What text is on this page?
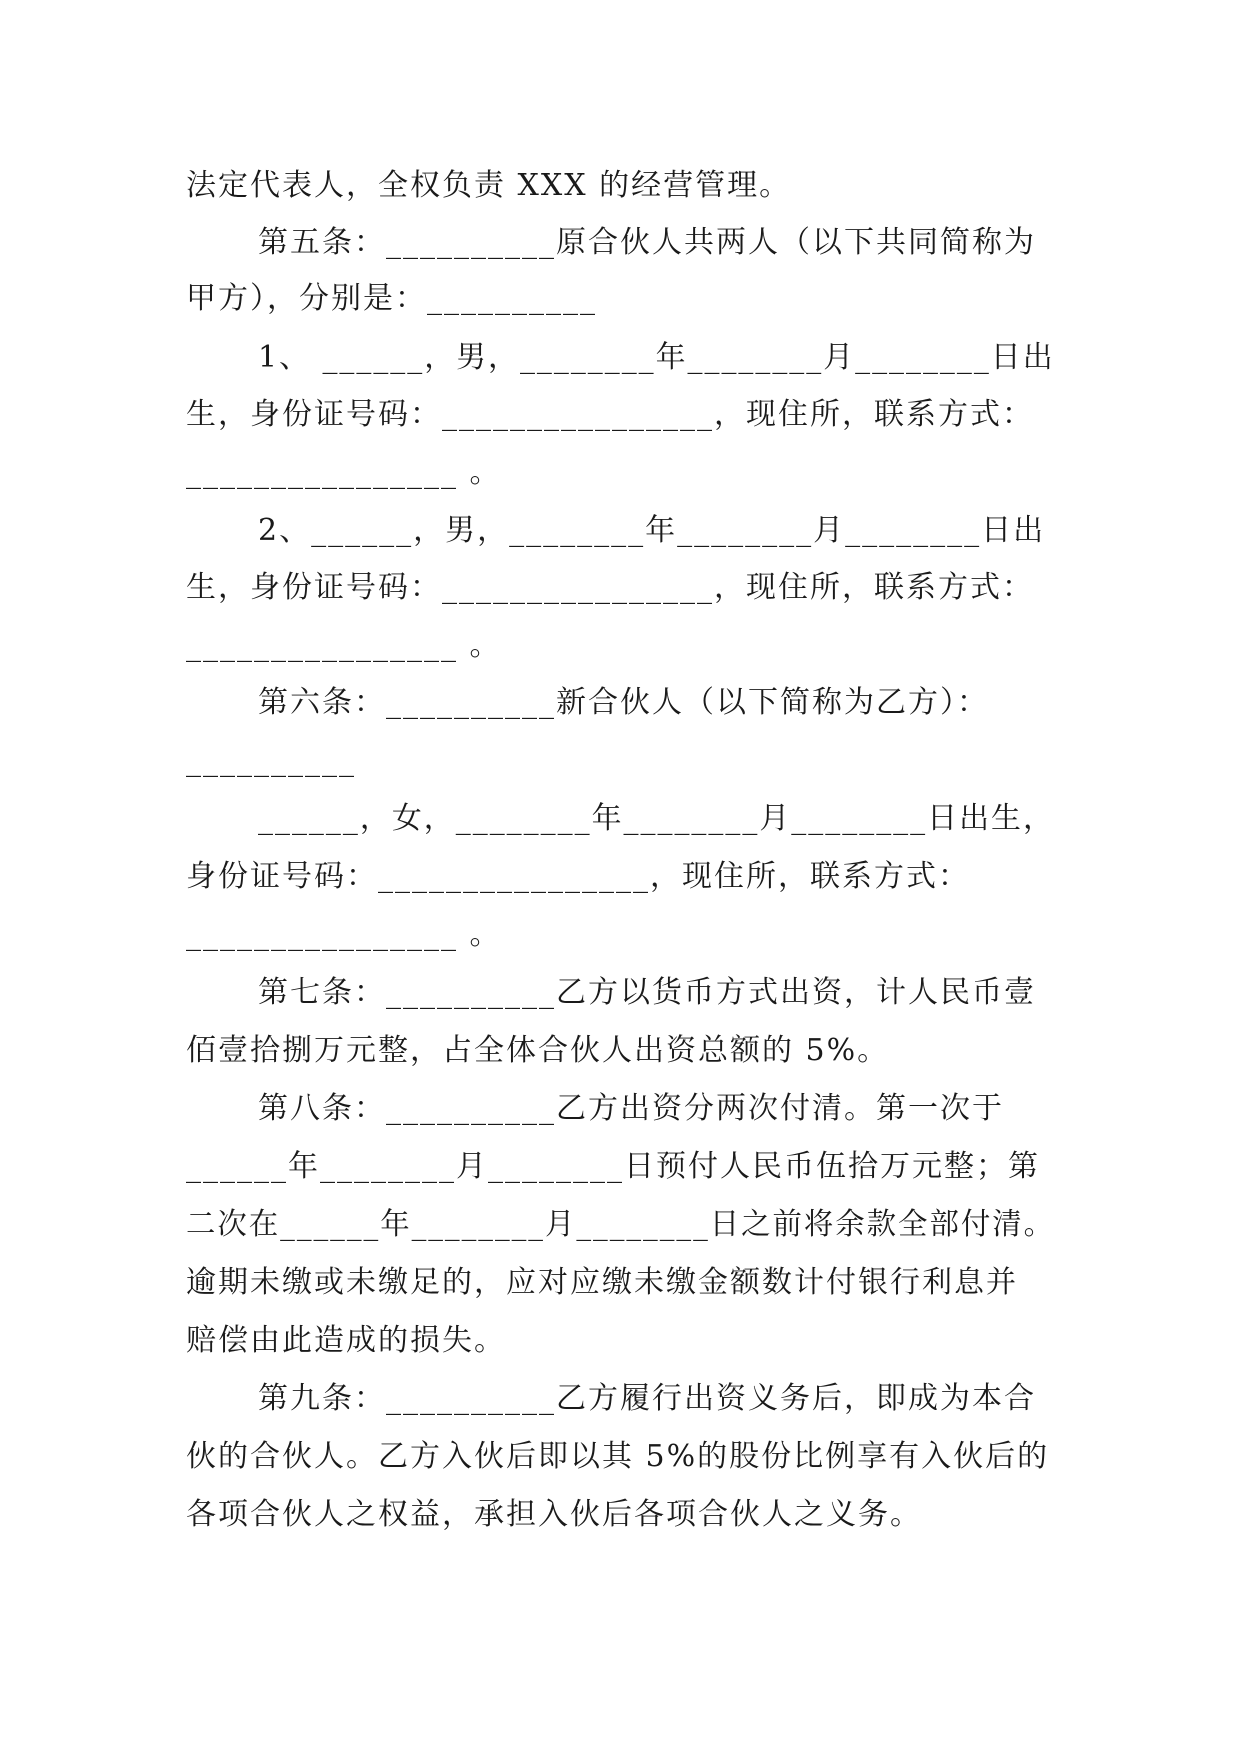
法定代表人，全权负责 XXX 的经营管理。
第五条：__________原合伙人共两人（以下共同简称为
甲方），分别是：__________
1、 ______，男，________年________月________日出
生，身份证号码：________________，现住所，联系方式：
________________ 。
2、______，男，________年________月________日出
生，身份证号码：________________，现住所，联系方式：
________________ 。
第六条：__________新合伙人（以下简称为乙方）：
__________
______，女，________年________月________日出生，
身份证号码：________________，现住所，联系方式：
________________ 。
第七条：__________乙方以货币方式出资，计人民币壹
佰壹拾捌万元整，占全体合伙人出资总额的 5%。
第八条：__________乙方出资分两次付清。第一次于
______年________月________日预付人民币伍拾万元整；第
二次在______年________月________日之前将余款全部付清。
逾期未缴或未缴足的，应对应缴未缴金额数计付银行利息并
赔偿由此造成的损失。
第九条：__________乙方履行出资义务后，即成为本合
伙的合伙人。乙方入伙后即以其 5%的股份比例享有入伙后的
各项合伙人之权益，承担入伙后各项合伙人之义务。
